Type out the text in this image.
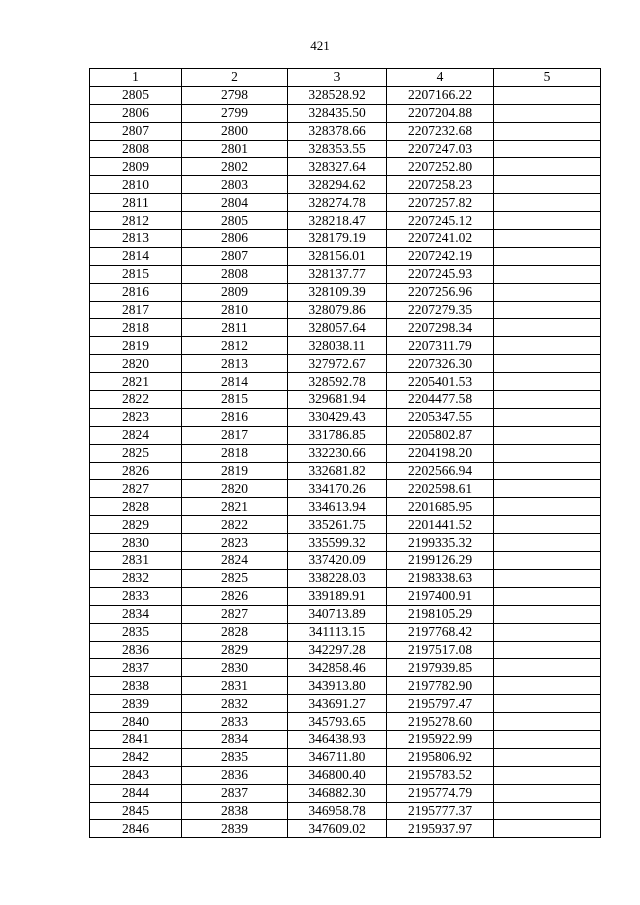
421
1	2	3	4	5
2805	2798	328528.92	2207166.22	
2806	2799	328435.50	2207204.88	
2807	2800	328378.66	2207232.68	
2808	2801	328353.55	2207247.03	
2809	2802	328327.64	2207252.80	
2810	2803	328294.62	2207258.23	
2811	2804	328274.78	2207257.82	
2812	2805	328218.47	2207245.12	
2813	2806	328179.19	2207241.02	
2814	2807	328156.01	2207242.19	
2815	2808	328137.77	2207245.93	
2816	2809	328109.39	2207256.96	
2817	2810	328079.86	2207279.35	
2818	2811	328057.64	2207298.34	
2819	2812	328038.11	2207311.79	
2820	2813	327972.67	2207326.30	
2821	2814	328592.78	2205401.53	
2822	2815	329681.94	2204477.58	
2823	2816	330429.43	2205347.55	
2824	2817	331786.85	2205802.87	
2825	2818	332230.66	2204198.20	
2826	2819	332681.82	2202566.94	
2827	2820	334170.26	2202598.61	
2828	2821	334613.94	2201685.95	
2829	2822	335261.75	2201441.52	
2830	2823	335599.32	2199335.32	
2831	2824	337420.09	2199126.29	
2832	2825	338228.03	2198338.63	
2833	2826	339189.91	2197400.91	
2834	2827	340713.89	2198105.29	
2835	2828	341113.15	2197768.42	
2836	2829	342297.28	2197517.08	
2837	2830	342858.46	2197939.85	
2838	2831	343913.80	2197782.90	
2839	2832	343691.27	2195797.47	
2840	2833	345793.65	2195278.60	
2841	2834	346438.93	2195922.99	
2842	2835	346711.80	2195806.92	
2843	2836	346800.40	2195783.52	
2844	2837	346882.30	2195774.79	
2845	2838	346958.78	2195777.37	
2846	2839	347609.02	2195937.97	
